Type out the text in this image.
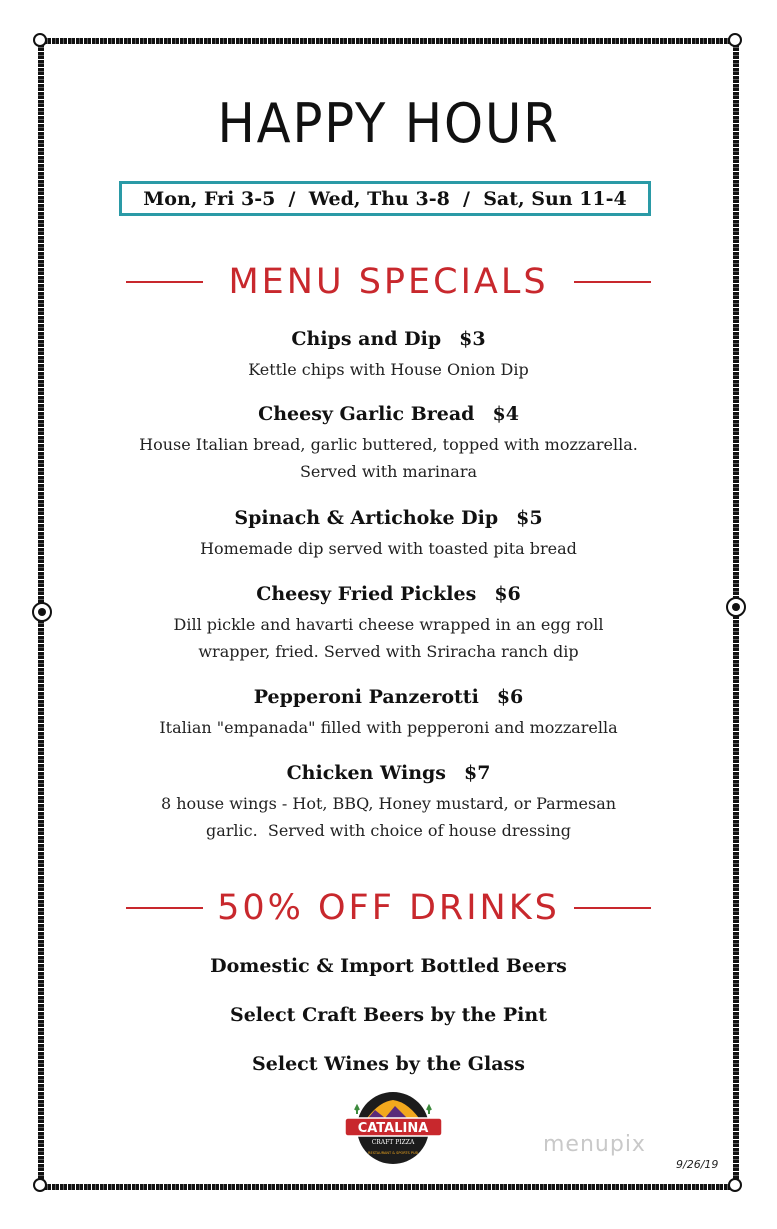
HAPPY HOUR
Mon, Fri 3-5  /  Wed, Thu 3-8  /  Sat, Sun 11-4
MENU SPECIALS
Chips and Dip $3
Kettle chips with House Onion Dip
Cheesy Garlic Bread $4
House Italian bread, garlic buttered, topped with mozzarella.
Served with marinara
Spinach & Artichoke Dip $5
Homemade dip served with toasted pita bread
Cheesy Fried Pickles $6
Dill pickle and havarti cheese wrapped in an egg roll
wrapper, fried. Served with Sriracha ranch dip
Pepperoni Panzerotti $6
Italian "empanada" filled with pepperoni and mozzarella
Chicken Wings $7
8 house wings - Hot, BBQ, Honey mustard, or Parmesan
garlic.  Served with choice of house dressing
50% OFF DRINKS
Domestic & Import Bottled Beers
Select Craft Beers by the Pint
Select Wines by the Glass
CATALINA
CRAFT PIZZA
RESTAURANT & SPORTS PUB	menupix
9/26/19
